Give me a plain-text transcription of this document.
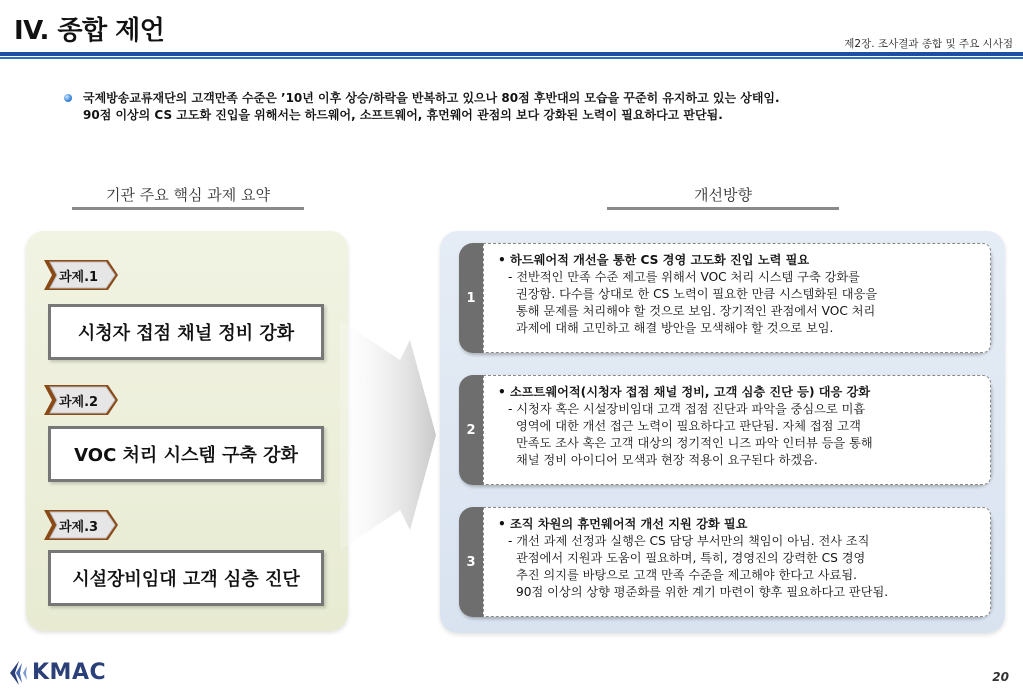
IV. 종합 제언	제2장. 조사결과 종합 및 주요 시사점
국제방송교류재단의 고객만족 수준은 ’10년 이후 상승/하락을 반복하고 있으나 80점 후반대의 모습을 꾸준히 유지하고 있는 상태임.
90점 이상의 CS 고도화 진입을 위해서는 하드웨어, 소프트웨어, 휴먼웨어 관점의 보다 강화된 노력이 필요하다고 판단됨.
기관 주요 핵심 과제 요약	개선방향
과제.1
시청자 접점 채널 정비 강화
과제.2
VOC 처리 시스템 구축 강화
과제.3
시설장비임대 고객 심층 진단
1
• 하드웨어적 개선을 통한 CS 경영 고도화 진입 노력 필요
- 전반적인 만족 수준 제고를 위해서 VOC 처리 시스템 구축 강화를
권장함. 다수를 상대로 한 CS 노력이 필요한 만큼 시스템화된 대응을
통해 문제를 처리해야 할 것으로 보임. 장기적인 관점에서 VOC 처리
과제에 대해 고민하고 해결 방안을 모색해야 할 것으로 보임.
2
• 소프트웨어적(시청자 접점 채널 정비, 고객 심층 진단 등) 대응 강화
- 시청자 혹은 시설장비임대 고객 접점 진단과 파악을 중심으로 미흡
영역에 대한 개선 접근 노력이 필요하다고 판단됨. 자체 접점 고객
만족도 조사 혹은 고객 대상의 정기적인 니즈 파악 인터뷰 등을 통해
채널 정비 아이디어 모색과 현장 적용이 요구된다 하겠음.
3
• 조직 차원의 휴먼웨어적 개선 지원 강화 필요
- 개선 과제 선정과 실행은 CS 담당 부서만의 책임이 아님. 전사 조직
관점에서 지원과 도움이 필요하며, 특히, 경영진의 강력한 CS 경영
추진 의지를 바탕으로 고객 만족 수준을 제고해야 한다고 사료됨.
90점 이상의 상향 평준화를 위한 계기 마련이 향후 필요하다고 판단됨.
KMAC	20
